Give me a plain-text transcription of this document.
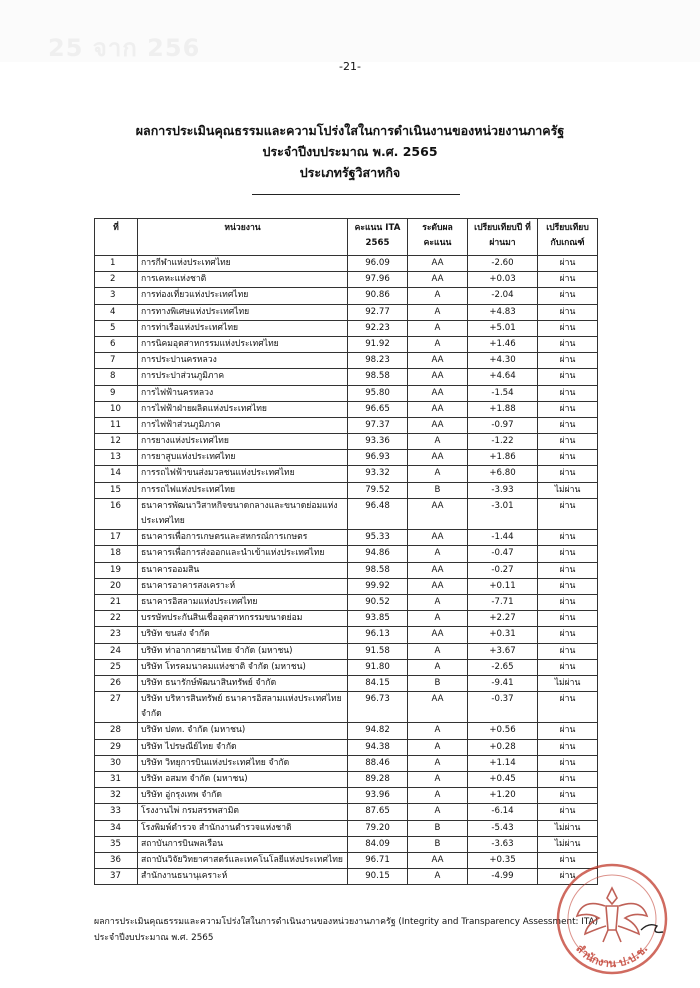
25 จาก 256
-21-
ผลการประเมินคุณธรรมและความโปร่งใสในการดำเนินงานของหน่วยงานภาครัฐ
ประจำปีงบประมาณ พ.ศ. 2565
ประเภทรัฐวิสาหกิจ
ที่	หน่วยงาน	คะแนน ITA 2565	ระดับผล คะแนน	เปรียบเทียบปี ที่ผ่านมา	เปรียบเทียบ กับเกณฑ์
1	การกีฬาแห่งประเทศไทย	96.09	AA	-2.60	ผ่าน
2	การเคหะแห่งชาติ	97.96	AA	+0.03	ผ่าน
3	การท่องเที่ยวแห่งประเทศไทย	90.86	A	-2.04	ผ่าน
4	การทางพิเศษแห่งประเทศไทย	92.77	A	+4.83	ผ่าน
5	การท่าเรือแห่งประเทศไทย	92.23	A	+5.01	ผ่าน
6	การนิคมอุตสาหกรรมแห่งประเทศไทย	91.92	A	+1.46	ผ่าน
7	การประปานครหลวง	98.23	AA	+4.30	ผ่าน
8	การประปาส่วนภูมิภาค	98.58	AA	+4.64	ผ่าน
9	การไฟฟ้านครหลวง	95.80	AA	-1.54	ผ่าน
10	การไฟฟ้าฝ่ายผลิตแห่งประเทศไทย	96.65	AA	+1.88	ผ่าน
11	การไฟฟ้าส่วนภูมิภาค	97.37	AA	-0.97	ผ่าน
12	การยางแห่งประเทศไทย	93.36	A	-1.22	ผ่าน
13	การยาสูบแห่งประเทศไทย	96.93	AA	+1.86	ผ่าน
14	การรถไฟฟ้าขนส่งมวลชนแห่งประเทศไทย	93.32	A	+6.80	ผ่าน
15	การรถไฟแห่งประเทศไทย	79.52	B	-3.93	ไม่ผ่าน
16	ธนาคารพัฒนาวิสาหกิจขนาดกลางและขนาดย่อมแห่งประเทศไทย	96.48	AA	-3.01	ผ่าน
17	ธนาคารเพื่อการเกษตรและสหกรณ์การเกษตร	95.33	AA	-1.44	ผ่าน
18	ธนาคารเพื่อการส่งออกและนำเข้าแห่งประเทศไทย	94.86	A	-0.47	ผ่าน
19	ธนาคารออมสิน	98.58	AA	-0.27	ผ่าน
20	ธนาคารอาคารสงเคราะห์	99.92	AA	+0.11	ผ่าน
21	ธนาคารอิสลามแห่งประเทศไทย	90.52	A	-7.71	ผ่าน
22	บรรษัทประกันสินเชื่ออุตสาหกรรมขนาดย่อม	93.85	A	+2.27	ผ่าน
23	บริษัท ขนส่ง จำกัด	96.13	AA	+0.31	ผ่าน
24	บริษัท ท่าอากาศยานไทย จำกัด (มหาชน)	91.58	A	+3.67	ผ่าน
25	บริษัท โทรคมนาคมแห่งชาติ จำกัด (มหาชน)	91.80	A	-2.65	ผ่าน
26	บริษัท ธนารักษ์พัฒนาสินทรัพย์ จำกัด	84.15	B	-9.41	ไม่ผ่าน
27	บริษัท บริหารสินทรัพย์ ธนาคารอิสลามแห่งประเทศไทย จำกัด	96.73	AA	-0.37	ผ่าน
28	บริษัท ปตท. จำกัด (มหาชน)	94.82	A	+0.56	ผ่าน
29	บริษัท ไปรษณีย์ไทย จำกัด	94.38	A	+0.28	ผ่าน
30	บริษัท วิทยุการบินแห่งประเทศไทย จำกัด	88.46	A	+1.14	ผ่าน
31	บริษัท อสมท จำกัด (มหาชน)	89.28	A	+0.45	ผ่าน
32	บริษัท อู่กรุงเทพ จำกัด	93.96	A	+1.20	ผ่าน
33	โรงงานไพ่ กรมสรรพสามิต	87.65	A	-6.14	ผ่าน
34	โรงพิมพ์ตำรวจ สำนักงานตำรวจแห่งชาติ	79.20	B	-5.43	ไม่ผ่าน
35	สถาบันการบินพลเรือน	84.09	B	-3.63	ไม่ผ่าน
36	สถาบันวิจัยวิทยาศาสตร์และเทคโนโลยีแห่งประเทศไทย	96.71	AA	+0.35	ผ่าน
37	สำนักงานธนานุเคราะห์	90.15	A	-4.99	ผ่าน
ผลการประเมินคุณธรรมและความโปร่งใสในการดำเนินงานของหน่วยงานภาครัฐ (Integrity and Transparency Assessment: ITA)
ประจำปีงบประมาณ พ.ศ. 2565
สำนักงาน ป.ป.ช.
